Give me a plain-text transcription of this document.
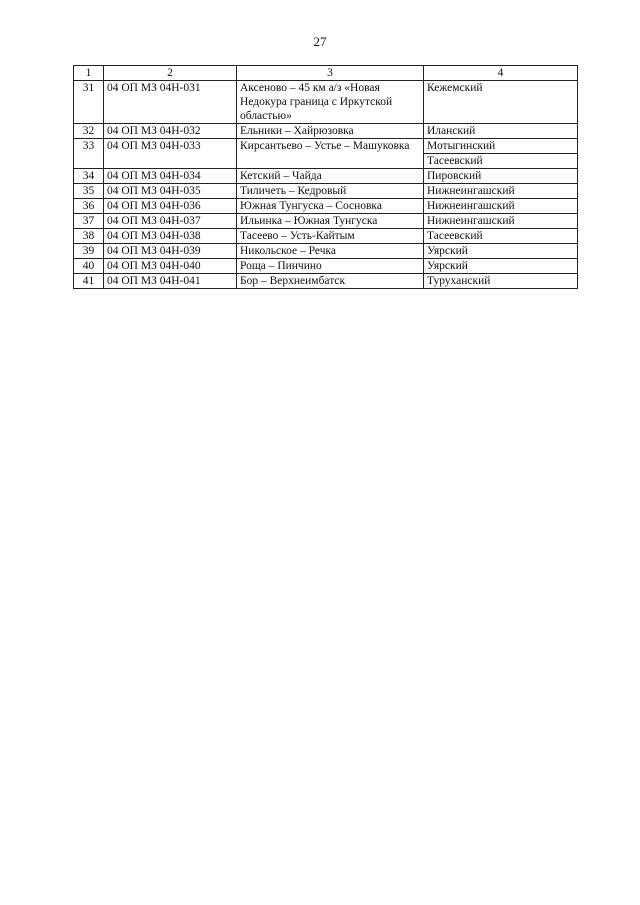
27
1	2	3	4
31	04 ОП МЗ 04Н-031	Аксеново – 45 км а/з «Новая Недокура граница с Иркутской областью»	Кежемский

32	04 ОП МЗ 04Н-032	Ельники – Хайрюзовка	Иланский

33	04 ОП МЗ 04Н-033	Кирсантьево – Устье – Машуковка	Мотыгинский
Тасеевский

34	04 ОП МЗ 04Н-034	Кетский – Чайда	Пировский

35	04 ОП МЗ 04Н-035	Тиличеть – Кедровый	Нижнеингашский

36	04 ОП МЗ 04Н-036	Южная Тунгуска – Сосновка	Нижнеингашский

37	04 ОП МЗ 04Н-037	Ильинка – Южная Тунгуска	Нижнеингашский

38	04 ОП МЗ 04Н-038	Тасеево – Усть-Кайтым	Тасеевский

39	04 ОП МЗ 04Н-039	Никольское – Речка	Уярский

40	04 ОП МЗ 04Н-040	Роща – Пинчино	Уярский

41	04 ОП МЗ 04Н-041	Бор – Верхнеимбатск	Туруханский
